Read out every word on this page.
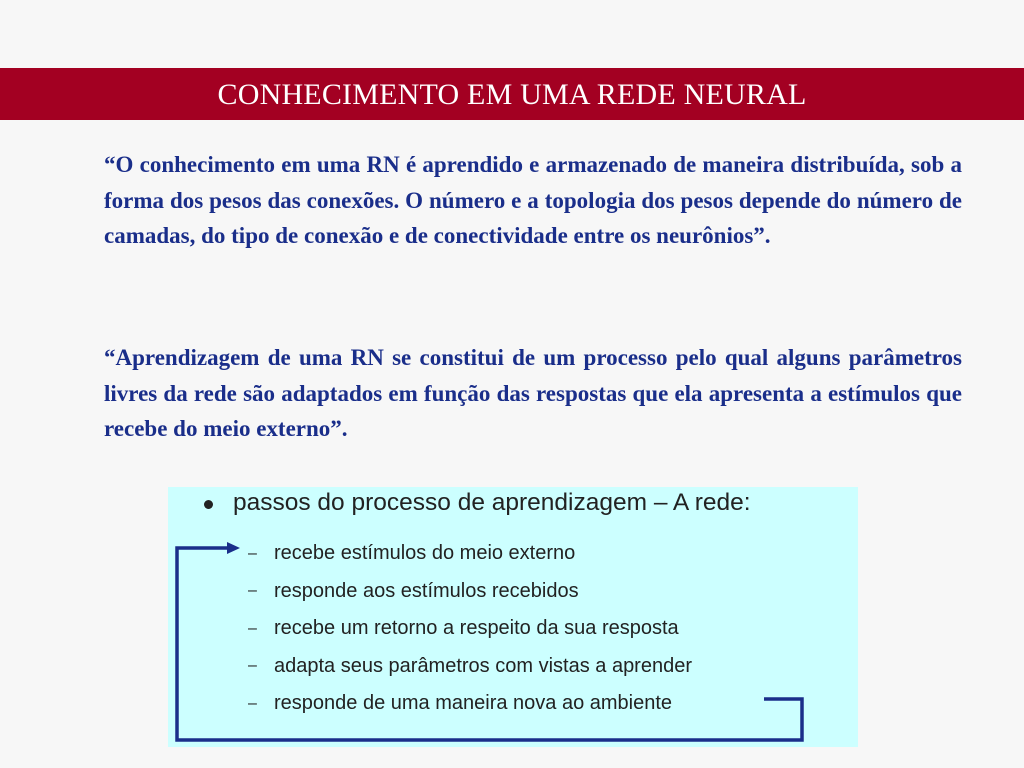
CONHECIMENTO EM UMA REDE NEURAL
“O conhecimento em uma RN é aprendido e armazenado de maneira distribuída, sob a forma dos pesos das conexões. O número e a topologia dos pesos depende do número de camadas, do tipo de conexão e de conectividade entre os neurônios”.
“Aprendizagem de uma RN se constitui de um processo pelo qual alguns parâmetros livres da rede são adaptados em função das respostas que ela apresenta a estímulos que recebe do meio externo”.
passos do processo de aprendizagem – A rede:
– recebe estímulos do meio externo
– responde aos estímulos recebidos
– recebe um retorno a respeito da sua resposta
– adapta seus parâmetros com vistas a aprender
– responde de uma maneira nova ao ambiente
